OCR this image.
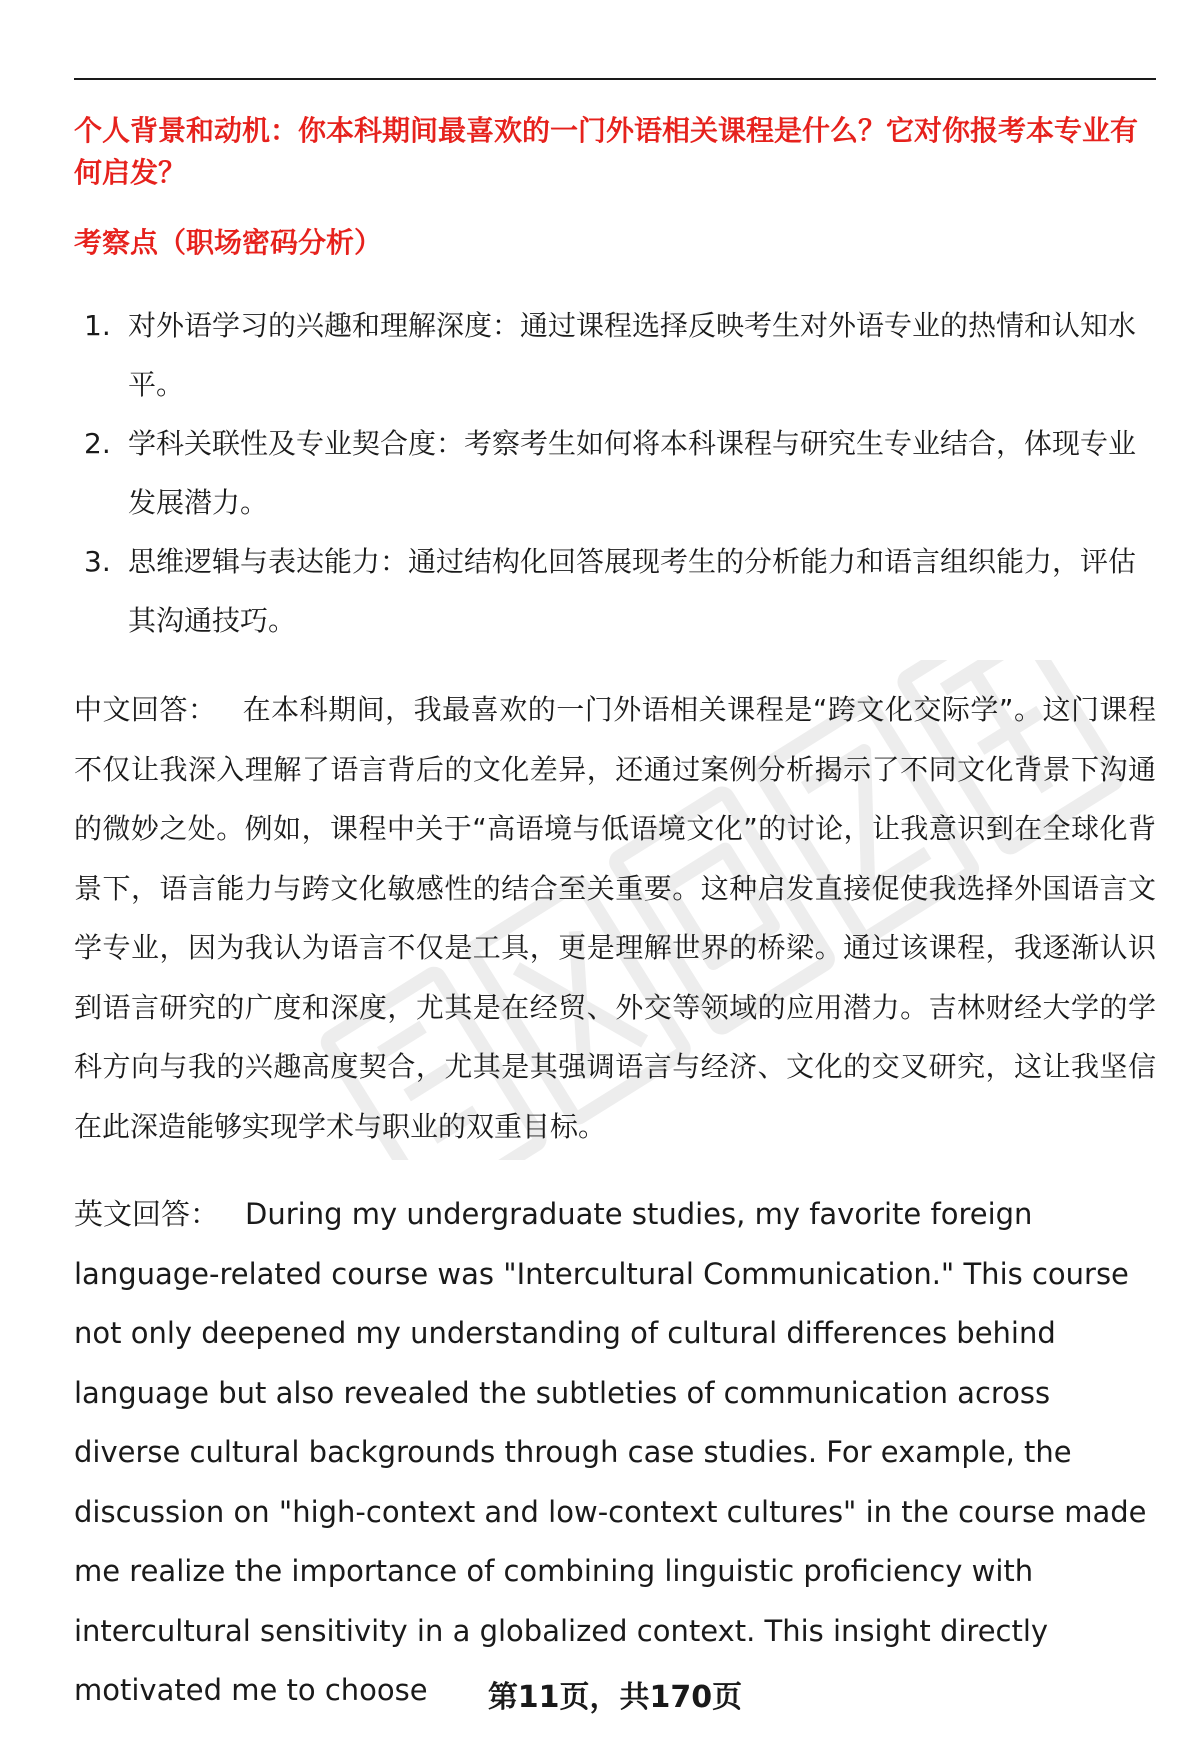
个人背景和动机：你本科期间最喜欢的一门外语相关课程是什么？它对你报考本专业有何启发？

考察点（职场密码分析）

1. 对外语学习的兴趣和理解深度：通过课程选择反映考生对外语专业的热情和认知水平。
2. 学科关联性及专业契合度：考察考生如何将本科课程与研究生专业结合，体现专业发展潜力。
3. 思维逻辑与表达能力：通过结构化回答展现考生的分析能力和语言组织能力，评估其沟通技巧。

中文回答： 在本科期间，我最喜欢的一门外语相关课程是“跨文化交际学”。这门课程不仅让我深入理解了语言背后的文化差异，还通过案例分析揭示了不同文化背景下沟通的微妙之处。例如，课程中关于“高语境与低语境文化”的讨论，让我意识到在全球化背景下，语言能力与跨文化敏感性的结合至关重要。这种启发直接促使我选择外国语言文学专业，因为我认为语言不仅是工具，更是理解世界的桥梁。通过该课程，我逐渐认识到语言研究的广度和深度，尤其是在经贸、外交等领域的应用潜力。吉林财经大学的学科方向与我的兴趣高度契合，尤其是其强调语言与经济、文化的交叉研究，这让我坚信在此深造能够实现学术与职业的双重目标。

英文回答： During my undergraduate studies, my favorite foreign language-related course was "Intercultural Communication." This course not only deepened my understanding of cultural differences behind language but also revealed the subtleties of communication across diverse cultural backgrounds through case studies. For example, the discussion on "high-context and low-context cultures" in the course made me realize the importance of combining linguistic proficiency with intercultural sensitivity in a globalized context. This insight directly motivated me to choose	第11页，共170页
